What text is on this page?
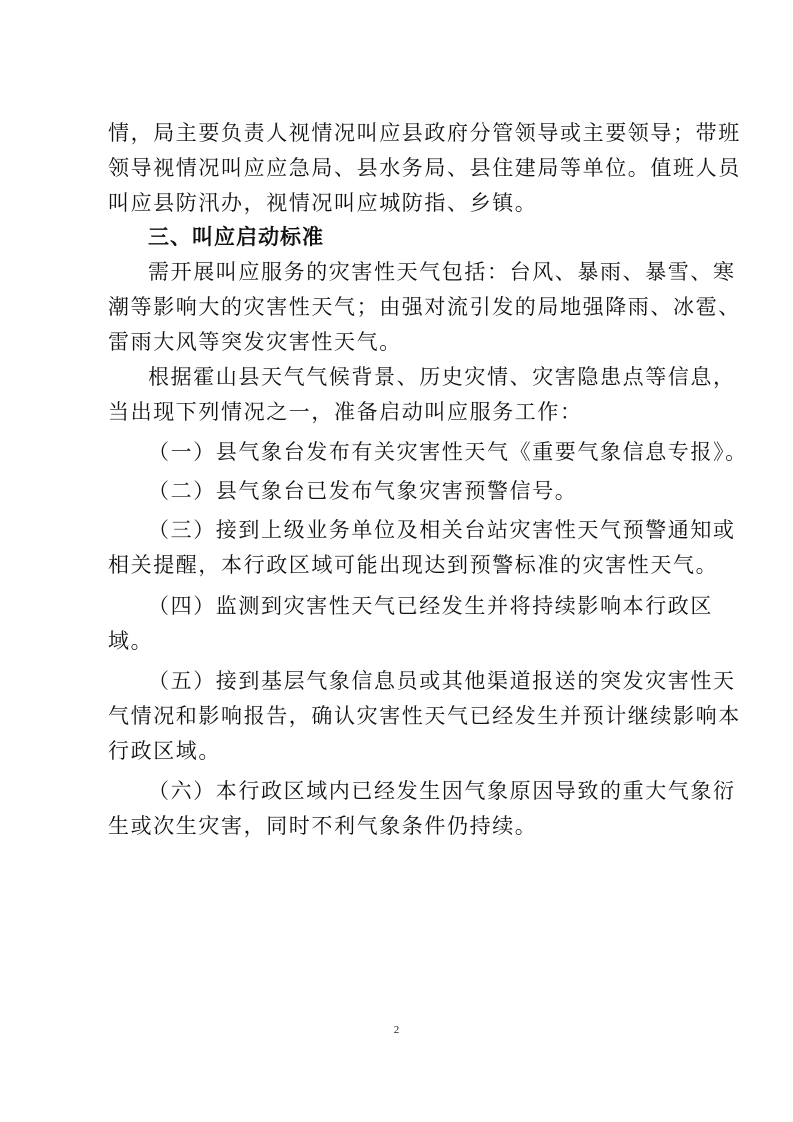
情，局主要负责人视情况叫应县政府分管领导或主要领导；带班
领导视情况叫应应急局、县水务局、县住建局等单位。值班人员
叫应县防汛办，视情况叫应城防指、乡镇。
三、叫应启动标准
需开展叫应服务的灾害性天气包括：台风、暴雨、暴雪、寒
潮等影响大的灾害性天气；由强对流引发的局地强降雨、冰雹、
雷雨大风等突发灾害性天气。
根据霍山县天气气候背景、历史灾情、灾害隐患点等信息，
当出现下列情况之一，准备启动叫应服务工作：
（一）县气象台发布有关灾害性天气《重要气象信息专报》。
（二）县气象台已发布气象灾害预警信号。
（三）接到上级业务单位及相关台站灾害性天气预警通知或
相关提醒，本行政区域可能出现达到预警标准的灾害性天气。
（四）监测到灾害性天气已经发生并将持续影响本行政区
域。
（五）接到基层气象信息员或其他渠道报送的突发灾害性天
气情况和影响报告，确认灾害性天气已经发生并预计继续影响本
行政区域。
（六）本行政区域内已经发生因气象原因导致的重大气象衍
生或次生灾害，同时不利气象条件仍持续。
2
